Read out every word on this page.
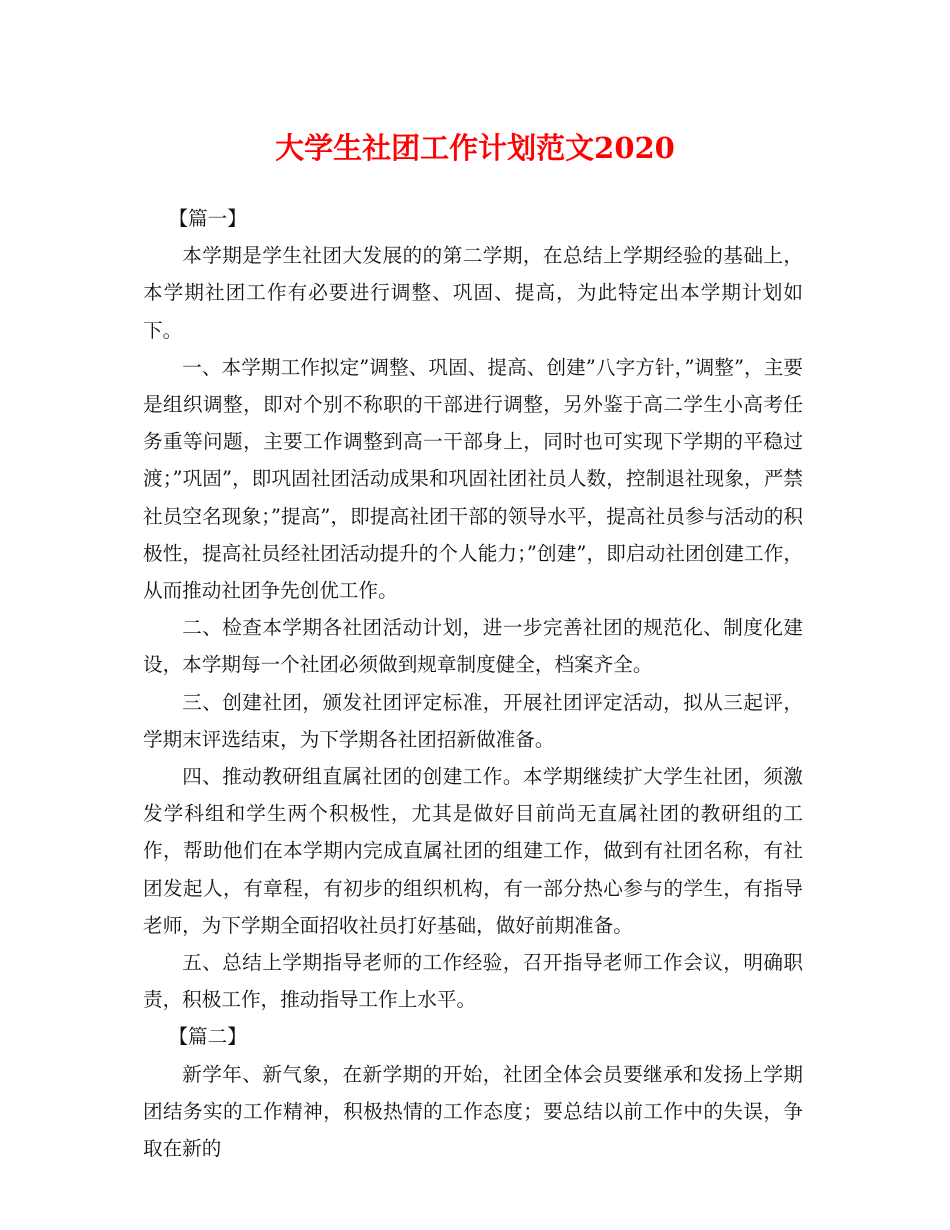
大学生社团工作计划范文2020

【篇一】

本学期是学生社团大发展的的第二学期，在总结上学期经验的基础上，本学期社团工作有必要进行调整、巩固、提高，为此特定出本学期计划如下。

一、本学期工作拟定”调整、巩固、提高、创建”八字方针，”调整”，主要是组织调整，即对个别不称职的干部进行调整，另外鉴于高二学生小高考任务重等问题，主要工作调整到高一干部身上，同时也可实现下学期的平稳过渡；”巩固”，即巩固社团活动成果和巩固社团社员人数，控制退社现象，严禁社员空名现象；”提高”，即提高社团干部的领导水平，提高社员参与活动的积极性，提高社员经社团活动提升的个人能力；”创建”，即启动社团创建工作，从而推动社团争先创优工作。

二、检查本学期各社团活动计划，进一步完善社团的规范化、制度化建设，本学期每一个社团必须做到规章制度健全，档案齐全。

三、创建社团，颁发社团评定标准，开展社团评定活动，拟从三起评，学期末评选结束，为下学期各社团招新做准备。

四、推动教研组直属社团的创建工作。本学期继续扩大学生社团，须激发学科组和学生两个积极性，尤其是做好目前尚无直属社团的教研组的工作，帮助他们在本学期内完成直属社团的组建工作，做到有社团名称，有社团发起人，有章程，有初步的组织机构，有一部分热心参与的学生，有指导老师，为下学期全面招收社员打好基础，做好前期准备。

五、总结上学期指导老师的工作经验，召开指导老师工作会议，明确职责，积极工作，推动指导工作上水平。

【篇二】

新学年、新气象，在新学期的开始，社团全体会员要继承和发扬上学期团结务实的工作精神，积极热情的工作态度；要总结以前工作中的失误，争取在新的
